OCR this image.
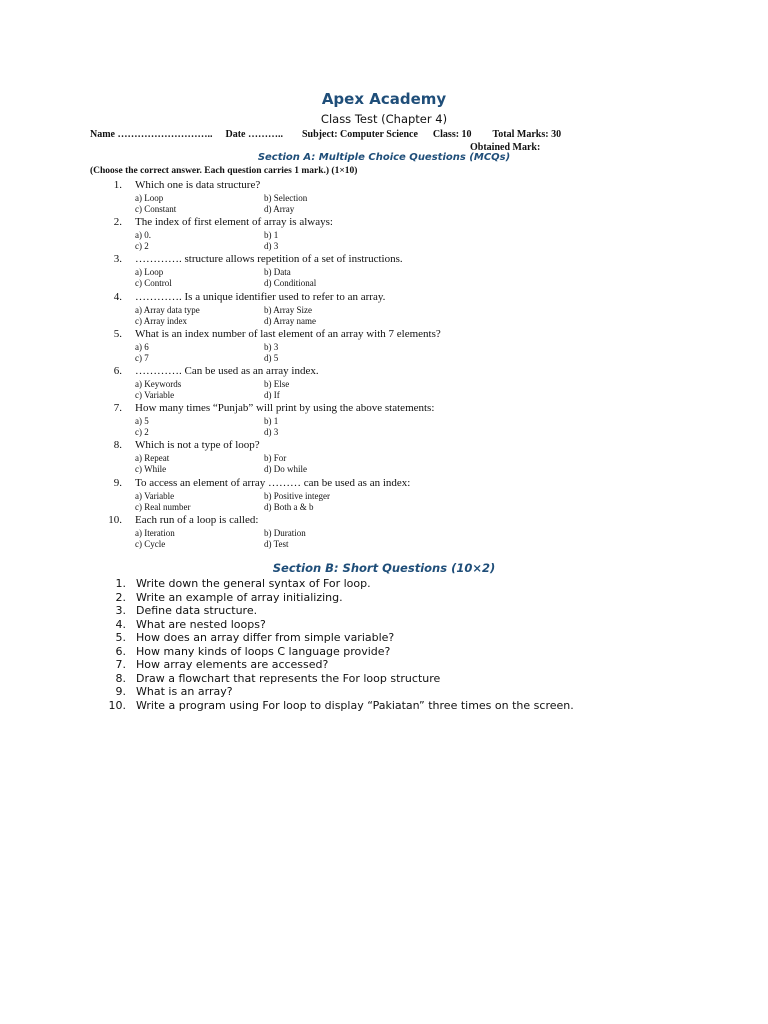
Apex Academy
Class Test (Chapter 4)
Name ……………………….. Date ……….. Subject: Computer Science Class: 10 Total Marks: 30
Obtained Mark:
Section A: Multiple Choice Questions (MCQs)
(Choose the correct answer. Each question carries 1 mark.) (1×10)
1. Which one is data structure?
a) Loop	b) Selection
c) Constant	d) Array
2. The index of first element of array is always:
a) 0.	b) 1
c) 2	d) 3
3. …………. structure allows repetition of a set of instructions.
a) Loop	b) Data
c) Control	d) Conditional
4. …………. Is a unique identifier used to refer to an array.
a) Array data type	b) Array Size
c) Array index	d) Array name
5. What is an index number of last element of an array with 7 elements?
a) 6	b) 3
c) 7	d) 5
6. …………. Can be used as an array index.
a) Keywords	b) Else
c) Variable	d) If
7. How many times “Punjab” will print by using the above statements:
a) 5	b) 1
c) 2	d) 3
8. Which is not a type of loop?
a) Repeat	b) For
c) While	d) Do while
9. To access an element of array ……… can be used as an index:
a) Variable	b) Positive integer
c) Real number	d) Both a & b
10. Each run of a loop is called:
a) Iteration	b) Duration
c) Cycle	d) Test
Section B: Short Questions (10×2)
1. Write down the general syntax of For loop.
2. Write an example of array initializing.
3. Define data structure.
4. What are nested loops?
5. How does an array differ from simple variable?
6. How many kinds of loops C language provide?
7. How array elements are accessed?
8. Draw a flowchart that represents the For loop structure
9. What is an array?
10. Write a program using For loop to display “Pakiatan” three times on the screen.
